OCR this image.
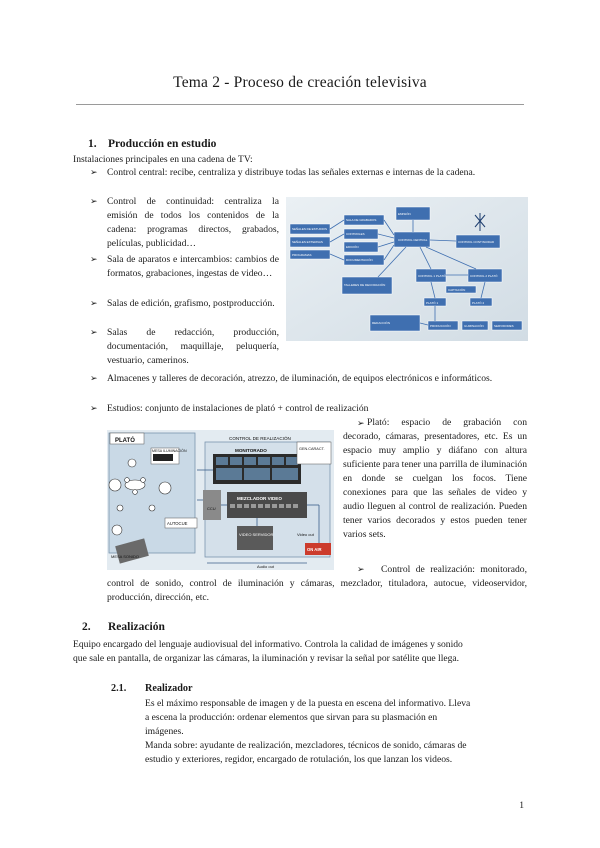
Tema 2 - Proceso de creación televisiva
1. Producción en estudio
Instalaciones principales en una cadena de TV:
➢ Control central: recibe, centraliza y distribuye todas las señales externas e internas de la cadena.
➢ Control de continuidad: centraliza la emisión de todos los contenidos de la cadena: programas directos, grabados, películas, publicidad…
➢ Sala de aparatos e intercambios: cambios de formatos, grabaciones, ingestas de video…
➢ Salas de edición, grafismo, postproducción.
➢ Salas de redacción, producción, documentación, maquillaje, peluquería, vestuario, camerinos.
SEÑALES DE ESTUDIOS
SEÑALES EXTERNAS
PROGRAMAS
SALA DE GRABADOS
CONTROLES
EDICIÓN
DOCUMENTACIÓN
CONTROL CENTRAL	CONTROL CONTINUIDAD
CONTROL 1 PLATÓ	CONTROL 2 PLATÓ
PLATÓ 1	PLATÓ 2
REDACCIÓN
PRODUCCIÓN	ILUMINACIÓN
TALLERES DE DECORACIÓN
EMISIÓN
SERVIDORES
CAPTACIÓN
➢ Almacenes y talleres de decoración, atrezzo, de iluminación, de equipos electrónicos e informáticos.
➢ Estudios: conjunto de instalaciones de plató + control de realización
PLATÓ	CONTROL DE REALIZACIÓN
MESA ILUMINACIÓN	MONITORADO	GEN.CARACT.
MEZCLADOR VIDEO
CCU
AUTOCUE
VIDEO SERVIDOR	Video out
ON AIR
MESA SONIDO
Audio out
➢ Plató: espacio de grabación con decorado, cámaras, presentadores, etc. Es un espacio muy amplio y diáfano con altura suficiente para tener una parrilla de iluminación en donde se cuelgan los focos. Tiene conexiones para que las señales de video y audio lleguen al control de realización. Pueden tener varios decorados y estos pueden tener varios sets.
➢	Control de realización: monitorado, control de sonido, control de iluminación y cámaras, mezclador, tituladora, autocue, videoservidor, producción, dirección, etc.
2. Realización
Equipo encargado del lenguaje audiovisual del informativo. Controla la calidad de imágenes y sonido
que sale en pantalla, de organizar las cámaras, la iluminación y revisar la señal por satélite que llega.
2.1. Realizador
Es el máximo responsable de imagen y de la puesta en escena del informativo. Lleva
a escena la producción: ordenar elementos que sirvan para su plasmación en
imágenes.
Manda sobre: ayudante de realización, mezcladores, técnicos de sonido, cámaras de
estudio y exteriores, regidor, encargado de rotulación, los que lanzan los videos.
1
